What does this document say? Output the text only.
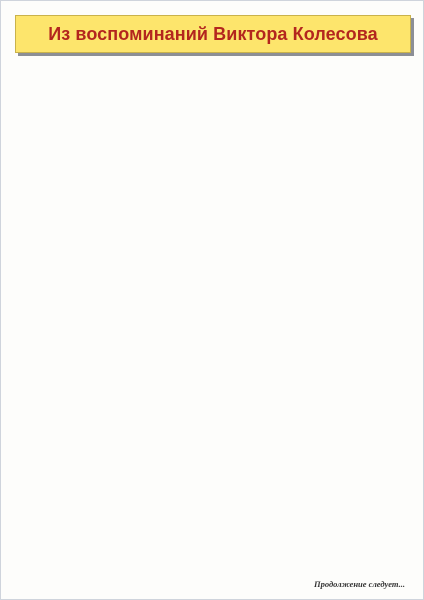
Из воспоминаний Виктора Колесова
Продолжение следует...
